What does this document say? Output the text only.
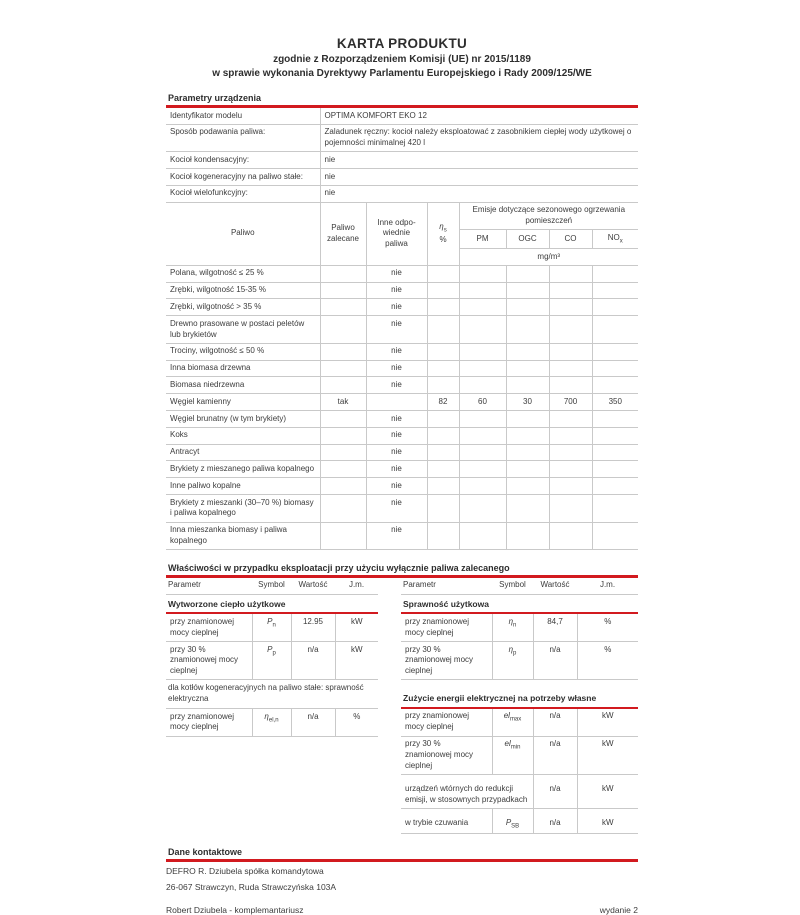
KARTA PRODUKTU
zgodnie z Rozporządzeniem Komisji (UE) nr 2015/1189
w sprawie wykonania Dyrektywy Parlamentu Europejskiego i Rady 2009/125/WE
Parametry urządzenia
Identyfikator modelu	OPTIMA KOMFORT EKO 12
Sposób podawania paliwa:	Zaladunek ręczny: kocioł należy eksploatować z zasobnikiem ciepłej wody użytkowej o pojemności minimalnej 420 l
Kocioł kondensacyjny:	nie
Kocioł kogeneracyjny na paliwo stałe:	nie
Kocioł wielofunkcyjny:	nie
Paliwo	Paliwo zalecane	Inne odpowiednie paliwa	$\eta_s$
%	Emisje dotyczące sezonowego ogrzewania pomieszczeń			
				PM	OGC	CO	$NO_x$
				mg/m³			
Polana, wilgotność ≤ 25 %		nie					
Zrębki, wilgotność 15-35 %		nie					
Zrębki, wilgotność > 35 %		nie					
Drewno prasowane w postaci peletów lub brykietów		nie					
Trociny, wilgotność ≤ 50 %		nie					
Inna biomasa drzewna		nie					
Biomasa niedrzewna		nie					
Węgiel kamienny	tak		82	60	30	700	350
Węgiel brunatny (w tym brykiety)		nie					
Koks		nie					
Antracyt		nie					
Brykiety z mieszanego paliwa kopalnego		nie					
Inne paliwo kopalne		nie					
Brykiety z mieszanki (30–70 %) biomasy i paliwa kopalnego		nie					
Inna mieszanka biomasy i paliwa kopalnego		nie					
Właściwości w przypadku eksploatacji przy użyciu wyłącznie paliwa zalecanego
Parametr	Symbol	Wartość	J.m.
Wytworzone ciepło użytkowe			
przy znamionowej mocy cieplnej	$P_n$	12.95	kW
przy 30 % znamionowej mocy cieplnej	$P_p$	n/a	kW
dla kotłów kogeneracyjnych na paliwo stałe: sprawność elektryczna			
przy znamionowej mocy cieplnej	$\eta_{el,n}$	n/a	%
Parametr	Symbol	Wartość	J.m.
Sprawność użytkowa			
przy znamionowej mocy cieplnej	$\eta_n$	84,7	%
przy 30 % znamionowej mocy cieplnej	$\eta_p$	n/a	%

Zużycie energii elektrycznej na potrzeby własne			
przy znamionowej mocy cieplnej	$el_{max}$	n/a	kW
przy 30 % znamionowej mocy cieplnej	$el_{min}$	n/a	kW
urządzeń wtórnych do redukcji emisji, w stosownych przypadkach		n/a	kW
w trybie czuwania	$P_{SB}$	n/a	kW
Dane kontaktowe
DEFRO R. Dziubela spółka komandytowa
26-067 Strawczyn, Ruda Strawczyńska 103A
Robert Dziubela - komplemantariusz	wydanie 2
